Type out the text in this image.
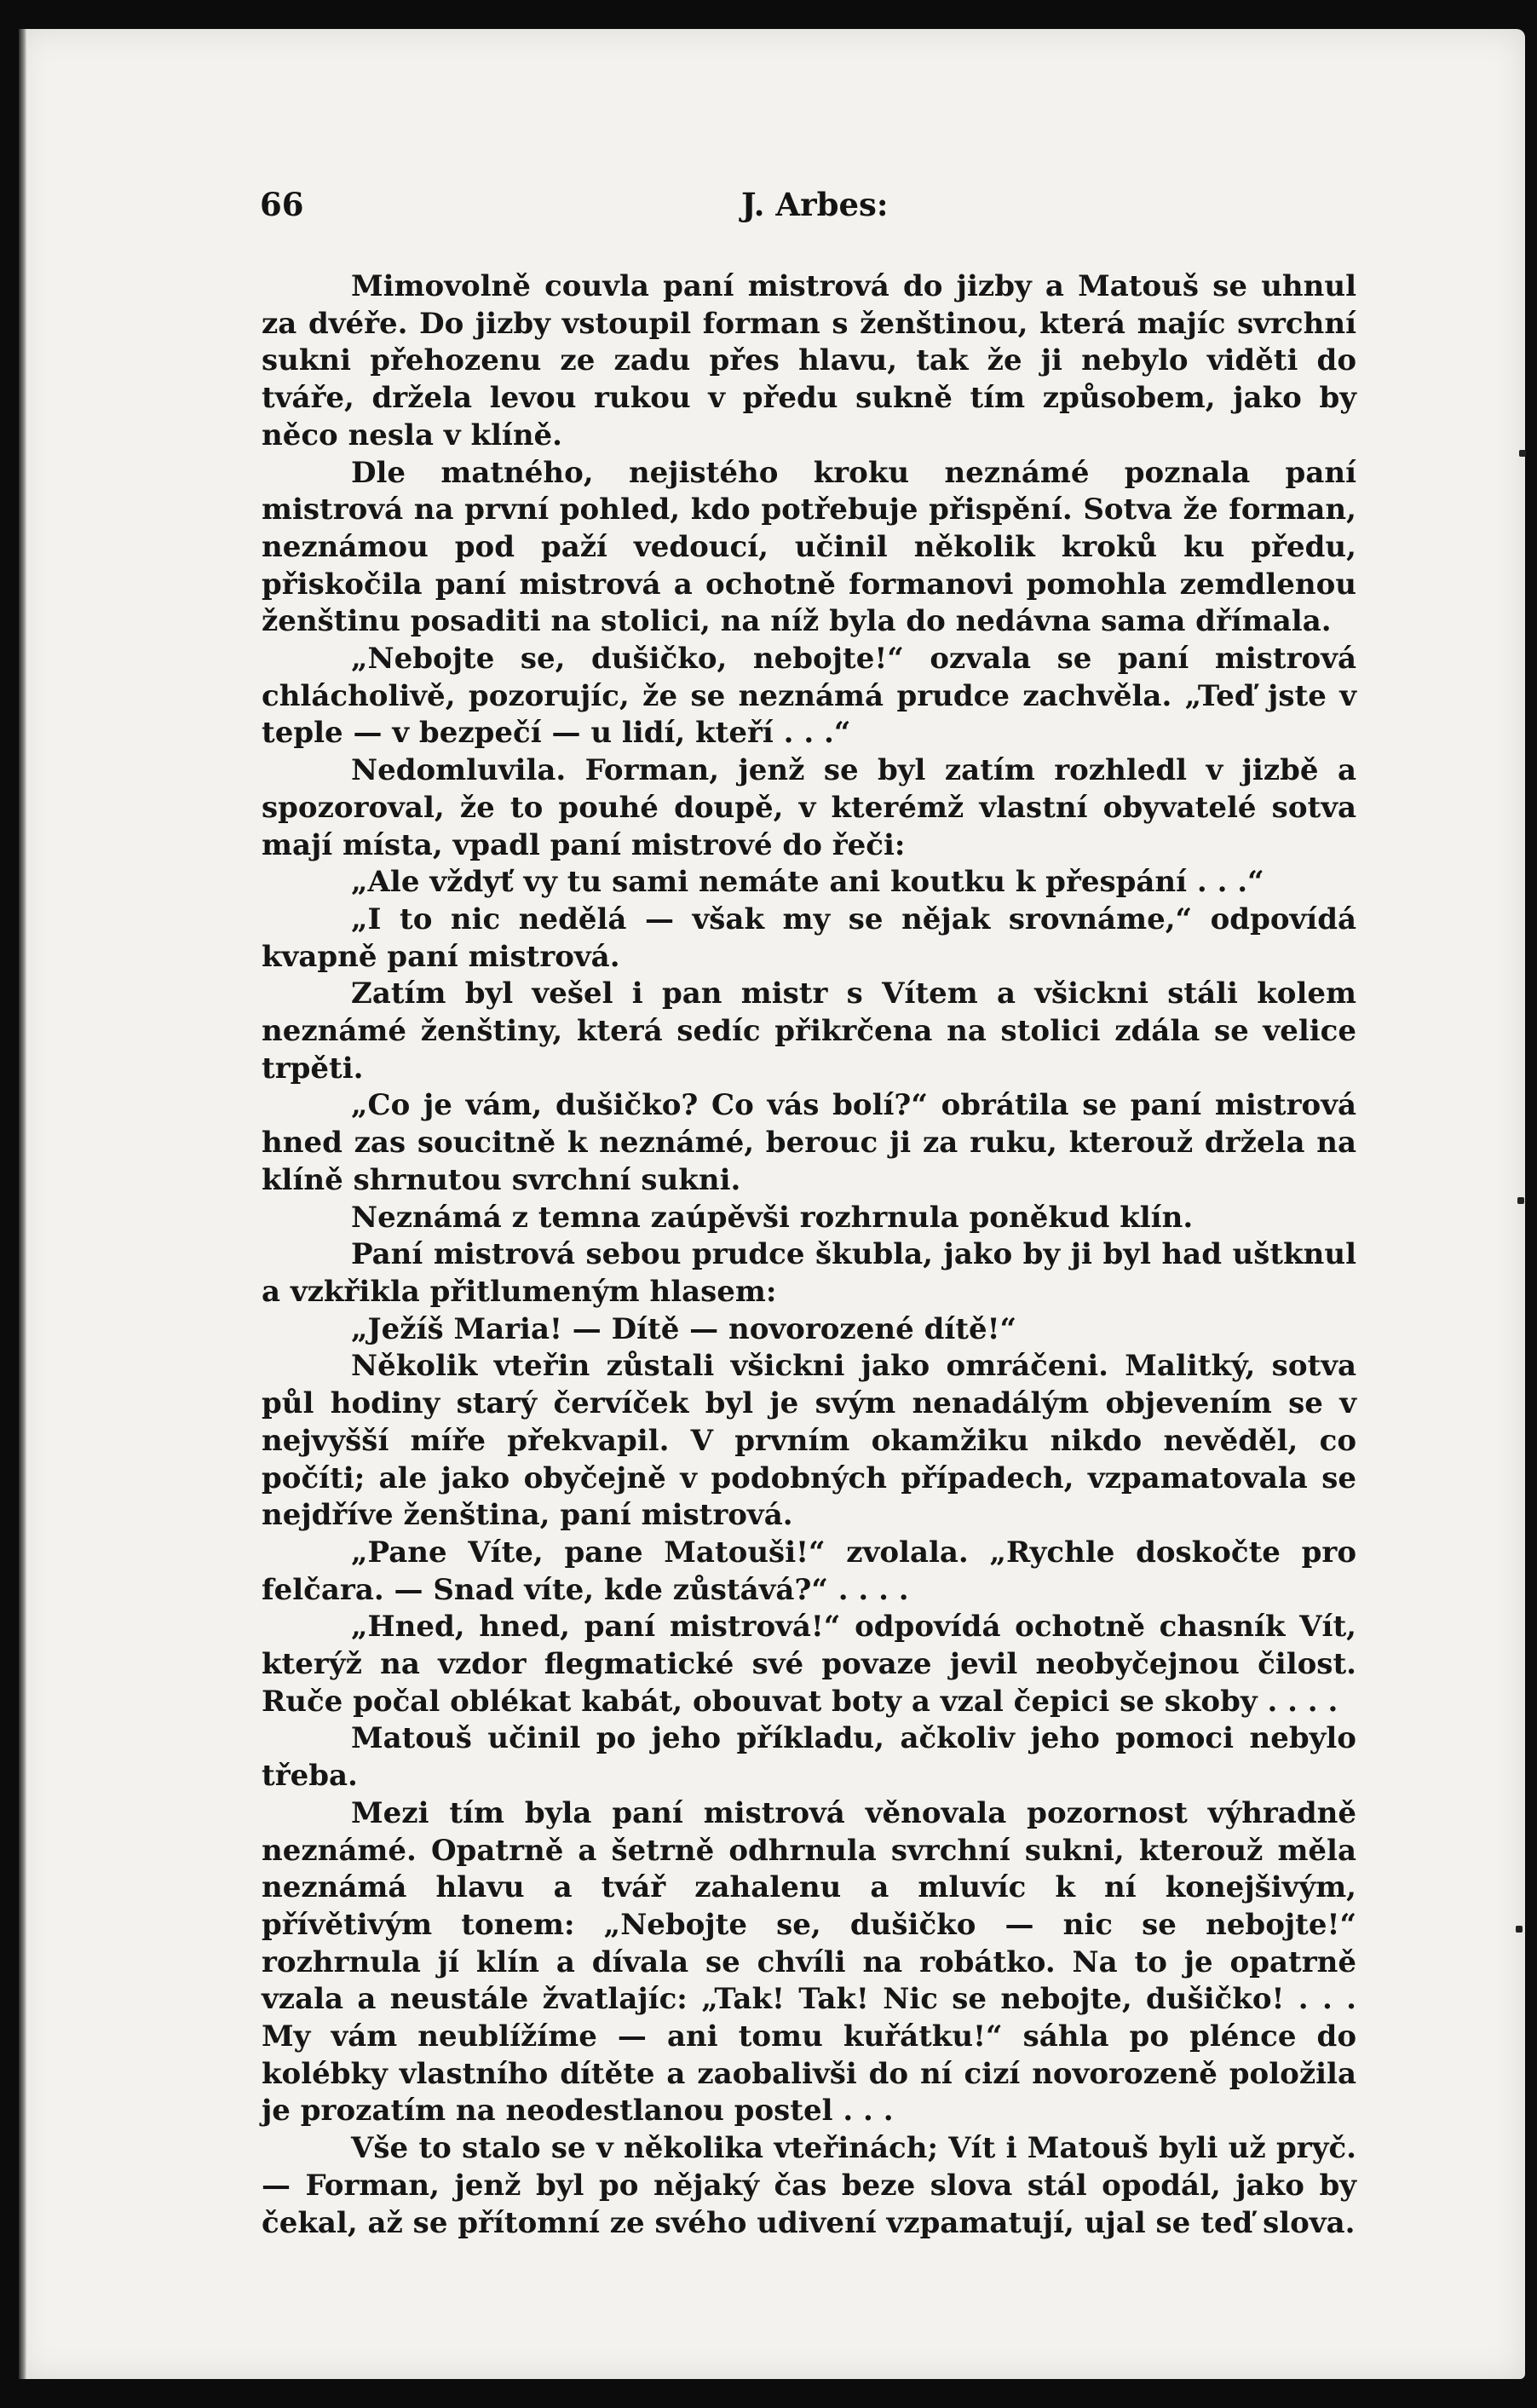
66	J. Arbes:

Mimovolně couvla paní mistrová do jizby a Matouš se uhnul za dvéře. Do jizby vstoupil forman s ženštinou, která majíc svrchní sukni přehozenu ze zadu přes hlavu, tak že ji nebylo viděti do tváře, držela levou rukou v předu sukně tím způsobem, jako by něco nesla v klíně.

Dle matného, nejistého kroku neznámé poznala paní mistrová na první pohled, kdo potřebuje přispění. Sotva že forman, neznámou pod paží vedoucí, učinil několik kroků ku předu, přiskočila paní mistrová a ochotně formanovi pomohla zemdlenou ženštinu posaditi na stolici, na níž byla do nedávna sama dřímala.

„Nebojte se, dušičko, nebojte!“ ozvala se paní mistrová chlácholivě, pozorujíc, že se neznámá prudce zachvěla. „Teď jste v teple — v bezpečí — u lidí, kteří . . .“

Nedomluvila. Forman, jenž se byl zatím rozhledl v jizbě a spozoroval, že to pouhé doupě, v kterémž vlastní obyvatelé sotva mají místa, vpadl paní mistrové do řeči:

„Ale vždyť vy tu sami nemáte ani koutku k přespání . . .“

„I to nic nedělá — však my se nějak srovnáme,“ odpovídá kvapně paní mistrová.

Zatím byl vešel i pan mistr s Vítem a všickni stáli kolem neznámé ženštiny, která sedíc přikrčena na stolici zdála se velice trpěti.

„Co je vám, dušičko? Co vás bolí?“ obrátila se paní mistrová hned zas soucitně k neznámé, berouc ji za ruku, kterouž držela na klíně shrnutou svrchní sukni.

Neznámá z temna zaúpěvši rozhrnula poněkud klín.

Paní mistrová sebou prudce škubla, jako by ji byl had uštknul a vzkřikla přitlumeným hlasem:

„Ježíš Maria! — Dítě — novorozené dítě!“

Několik vteřin zůstali všickni jako omráčeni. Malitký, sotva půl hodiny starý červíček byl je svým nenadálým objevením se v nejvyšší míře překvapil. V prvním okamžiku nikdo nevěděl, co počíti; ale jako obyčejně v podobných případech, vzpamatovala se nejdříve ženština, paní mistrová.

„Pane Víte, pane Matouši!“ zvolala. „Rychle doskočte pro felčara. — Snad víte, kde zůstává?“ . . . .

„Hned, hned, paní mistrová!“ odpovídá ochotně chasník Vít, kterýž na vzdor flegmatické své povaze jevil neobyčejnou čilost. Ruče počal oblékat kabát, obouvat boty a vzal čepici se skoby . . . .

Matouš učinil po jeho příkladu, ačkoliv jeho pomoci nebylo třeba.

Mezi tím byla paní mistrová věnovala pozornost výhradně neznámé. Opatrně a šetrně odhrnula svrchní sukni, kterouž měla neznámá hlavu a tvář zahalenu a mluvíc k ní konejšivým, přívětivým tonem: „Nebojte se, dušičko — nic se nebojte!“ rozhrnula jí klín a dívala se chvíli na robátko. Na to je opatrně vzala a neustále žvatlajíc: „Tak! Tak! Nic se nebojte, dušičko! . . . My vám neublížíme — ani tomu kuřátku!“ sáhla po plénce do kolébky vlastního dítěte a zaobalivši do ní cizí novorozeně položila je prozatím na neodestlanou postel . . .

Vše to stalo se v několika vteřinách; Vít i Matouš byli už pryč. — Forman, jenž byl po nějaký čas beze slova stál opodál, jako by čekal, až se přítomní ze svého udivení vzpamatují, ujal se teď slova.
